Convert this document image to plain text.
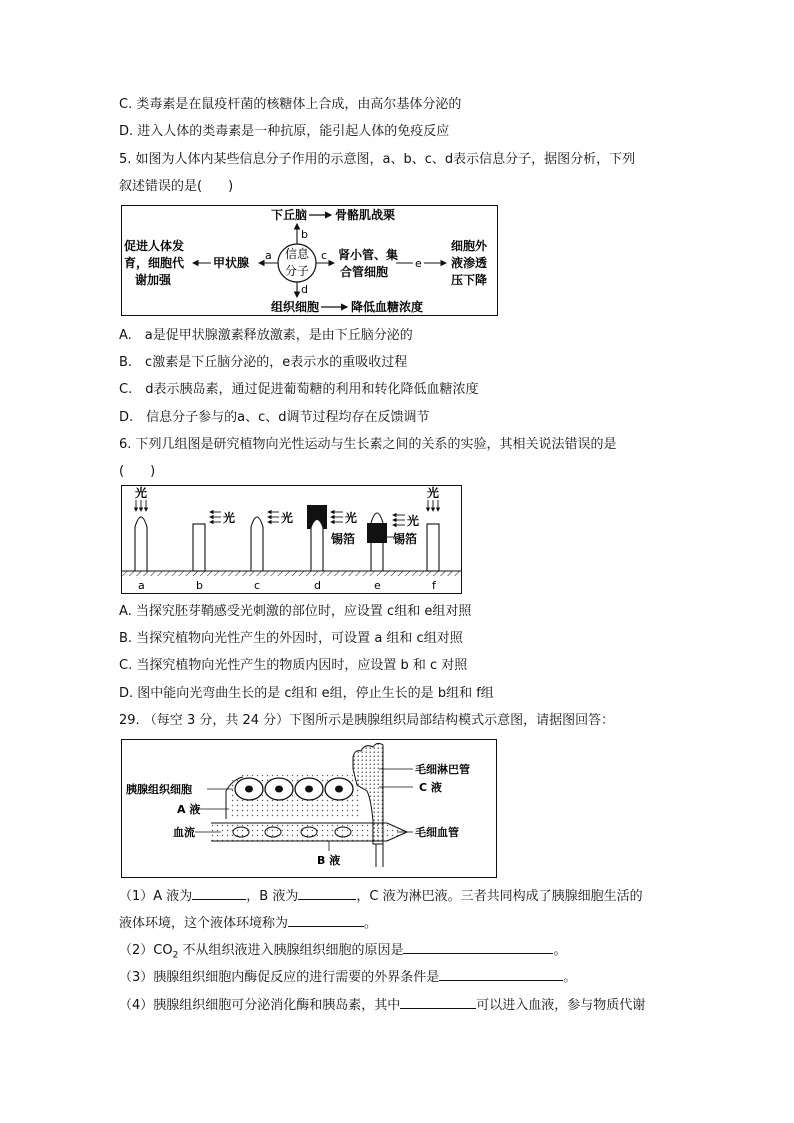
C. 类毒素是在鼠疫杆菌的核糖体上合成，由高尔基体分泌的
D. 进入人体的类毒素是一种抗原，能引起人体的免疫反应
5. 如图为人体内某些信息分子作用的示意图，a、b、c、d表示信息分子，据图分析，下列
叙述错误的是(　　)
信息
分子
下丘脑 骨骼肌战栗
b
a
甲状腺
促进人体发
育，细胞代
谢加强
c 肾小管、集
合管细胞
e
细胞外
液渗透
压下降
d
组织细胞	降低血糖浓度
A.　a是促甲状腺激素释放激素，是由下丘脑分泌的
B.　c激素是下丘脑分泌的，e表示水的重吸收过程
C.　d表示胰岛素，通过促进葡萄糖的利用和转化降低血糖浓度
D.　信息分子参与的a、c、d调节过程均存在反馈调节
6. 下列几组图是研究植物向光性运动与生长素之间的关系的实验，其相关说法错误的是
(　　)
光
光	光	光
锡箔
光
锡箔
光
a	b	c	d	e	f
A. 当探究胚芽鞘感受光刺激的部位时，应设置 c组和 e组对照
B. 当探究植物向光性产生的外因时，可设置 a 组和 c组对照
C. 当探究植物向光性产生的物质内因时，应设置 b 和 c 对照
D. 图中能向光弯曲生长的是 c组和 e组，停止生长的是 b组和 f组
29. （每空 3 分，共 24 分）下图所示是胰腺组织局部结构模式示意图，请据图回答：
胰腺组织细胞
A 液
血流
B 液
毛细淋巴管
C 液
毛细血管
（1）A 液为	，B 液为	，C 液为淋巴液。三者共同构成了胰腺细胞生活的
液体环境，这个液体环境称为	。
$(2)CO_2$ 不从组织液进入胰腺组织细胞的原因是	。
（3）胰腺组织细胞内酶促反应的进行需要的外界条件是	。
（4）胰腺组织细胞可分泌消化酶和胰岛素，其中	可以进入血液，参与物质代谢
